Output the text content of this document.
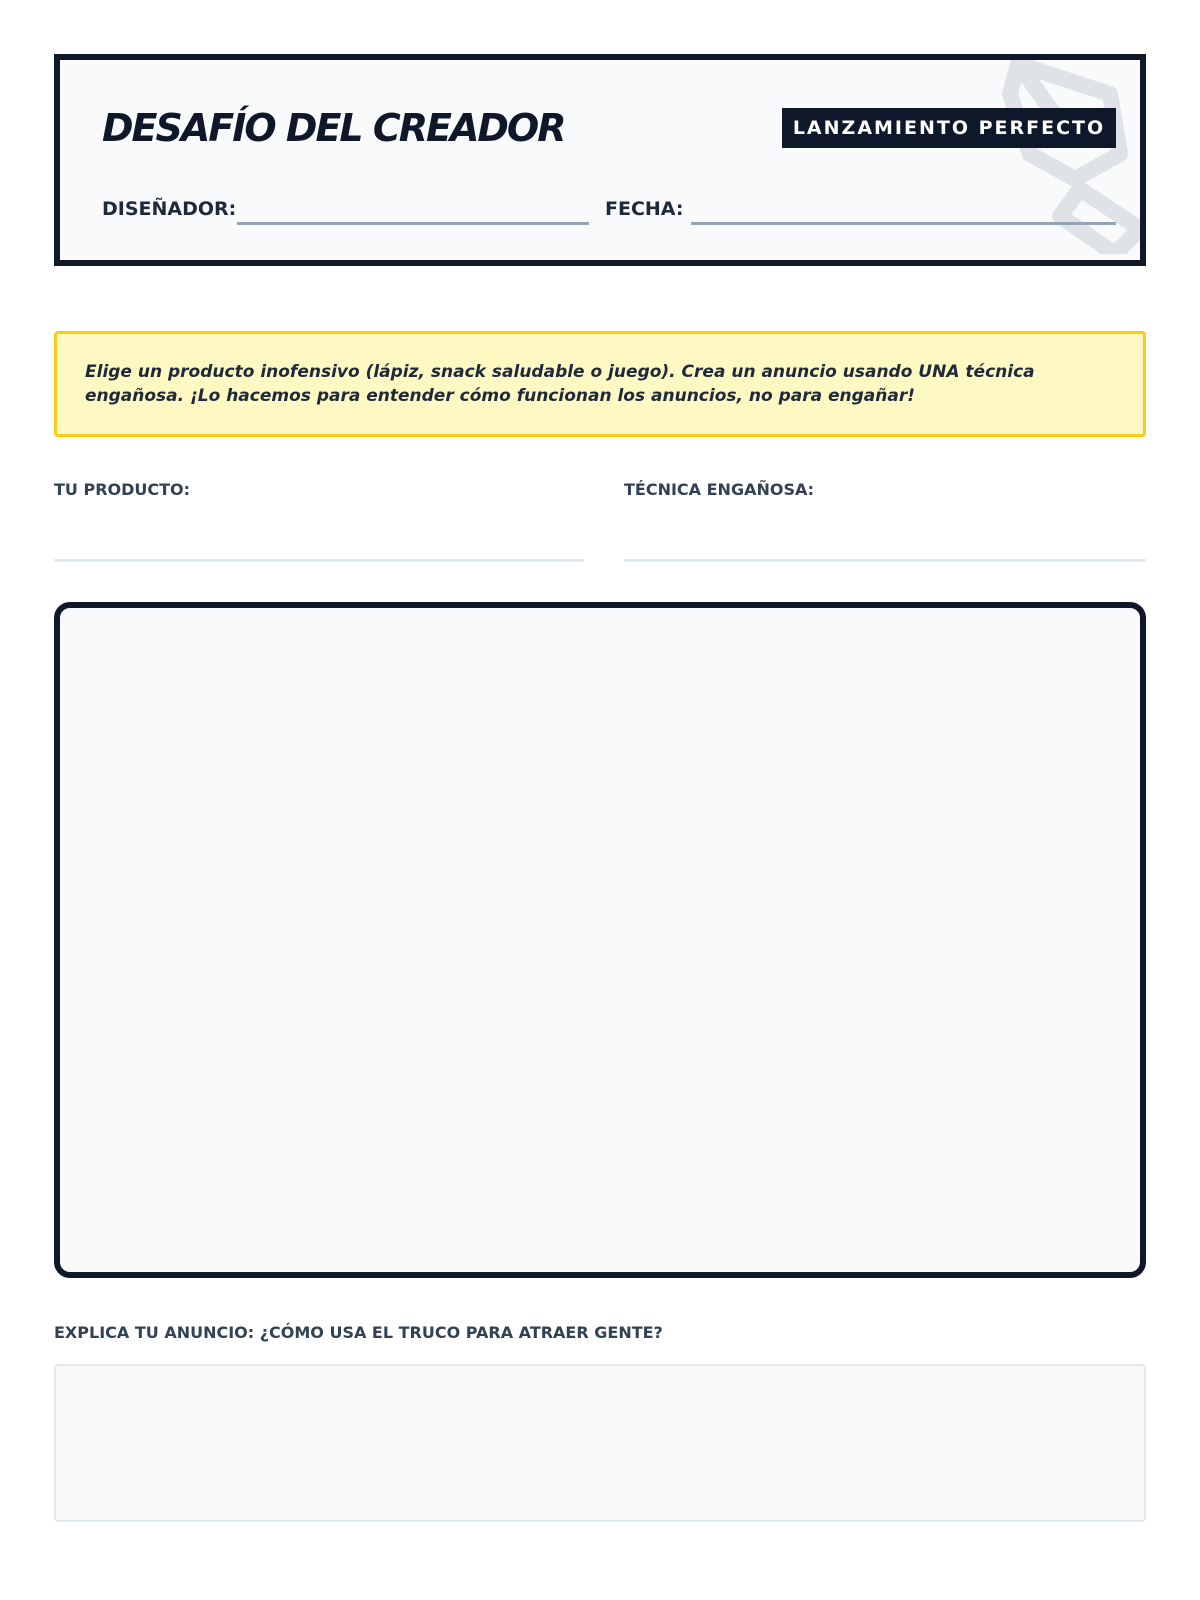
DESAFÍO DEL CREADOR	LANZAMIENTO PERFECTO
DISEÑADOR:	FECHA:
Elige un producto inofensivo (lápiz, snack saludable o juego). Crea un anuncio usando UNA técnica engañosa. ¡Lo hacemos para entender cómo funcionan los anuncios, no para engañar!
TU PRODUCTO:	TÉCNICA ENGAÑOSA:
EXPLICA TU ANUNCIO: ¿CÓMO USA EL TRUCO PARA ATRAER GENTE?
